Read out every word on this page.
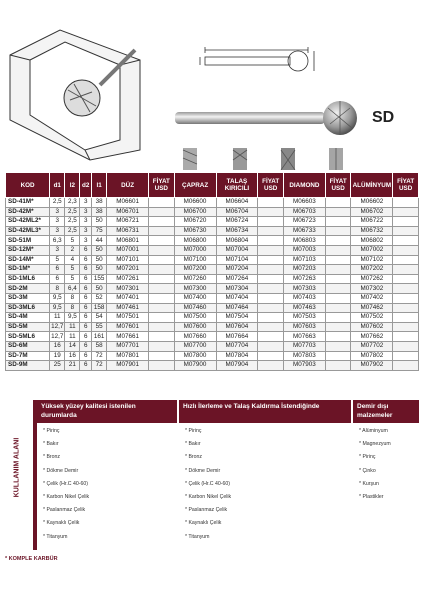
SD
KOD	d1	l2	d2	l1	DÜZ	FİYAT USD	ÇAPRAZ	TALAŞ KIRICILI	FİYAT USD	DIAMOND	FİYAT USD	ALÜMİNYUM	FİYAT USD
SD-41M*	2,5	2,3	3	38	M06601		M06600	M06604		M06603		M06602	
SD-42M*	3	2,5	3	38	M06701		M06700	M06704		M06703		M06702	
SD-42ML2*	3	2,5	3	50	M06721		M06720	M06724		M06723		M06722	
SD-42ML3*	3	2,5	3	75	M06731		M06730	M06734		M06733		M06732	
SD-51M	6,3	5	3	44	M06801		M06800	M06804		M06803		M06802	
SD-12M*	3	2	6	50	M07001		M07000	M07004		M07003		M07002	
SD-14M*	5	4	6	50	M07101		M07100	M07104		M07103		M07102	
SD-1M*	6	5	6	50	M07201		M07200	M07204		M07203		M07202	
SD-1ML6	6	5	6	155	M07261		M07260	M07264		M07263		M07262	
SD-2M	8	6,4	6	50	M07301		M07300	M07304		M07303		M07302	
SD-3M	9,5	8	6	52	M07401		M07400	M07404		M07403		M07402	
SD-3ML6	9,5	8	6	158	M07461		M07460	M07464		M07463		M07462	
SD-4M	11	9,5	6	54	M07501		M07500	M07504		M07503		M07502	
SD-5M	12,7	11	6	55	M07601		M07600	M07604		M07603		M07602	
SD-5ML6	12,7	11	6	161	M07661		M07660	M07664		M07663		M07662	
SD-6M	16	14	6	58	M07701		M07700	M07704		M07703		M07702	
SD-7M	19	16	6	72	M07801		M07800	M07804		M07803		M07802	
SD-9M	25	21	6	72	M07901		M07900	M07904		M07903		M07902	
KULLANIM ALANI
Yüksek yüzey kalitesi istenilen durumlarda
* Pirinç
* Bakır
* Bronz
* Dökme Demir
* Çelik (Hr.C 40-60)
* Karbon Nikel Çelik
* Paslanmaz Çelik
* Kaynaklı Çelik
* Titanyum
Hızlı İlerleme ve Talaş Kaldırma İstendiğinde
* Pirinç
* Bakır
* Bronz
* Dökme Demir
* Çelik (Hr.C 40-60)
* Karbon Nikel Çelik
* Paslanmaz Çelik
* Kaynaklı Çelik
* Titanyum
Demir dışı malzemeler
* Alüminyum
* Magnezyum
* Pirinç
* Çinko
* Kurşun
* Plastikler
* KOMPLE KARBÜR
